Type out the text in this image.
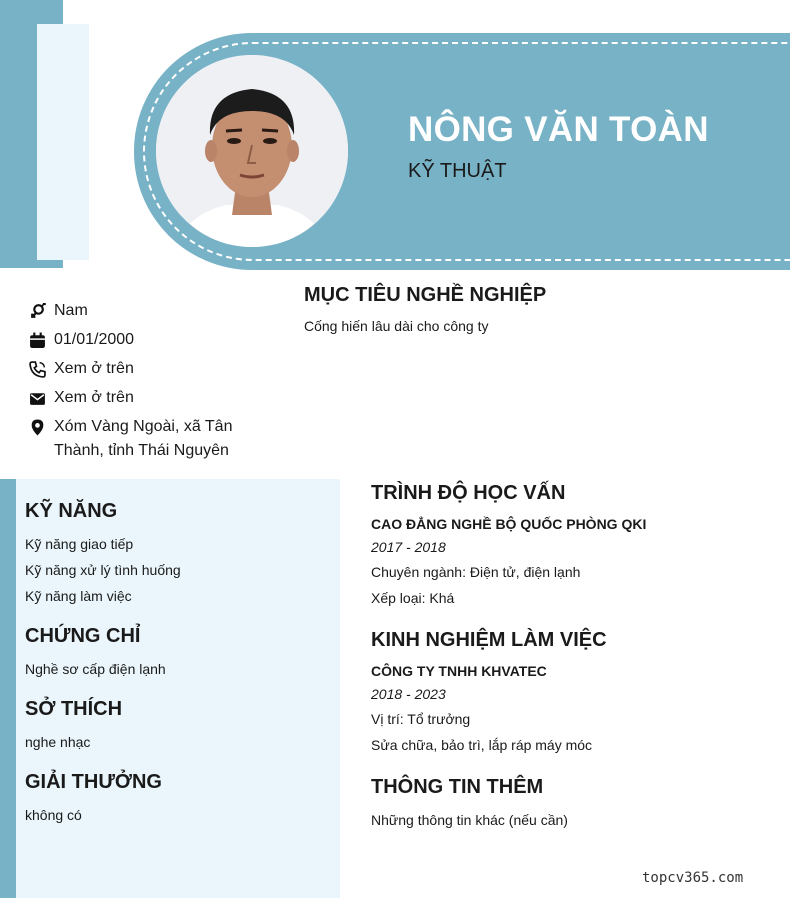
NÔNG VĂN TOÀN
KỸ THUẬT
Nam
01/01/2000
Xem ở trên
Xem ở trên
Xóm Vàng Ngoài, xã Tân
Thành, tỉnh Thái Nguyên
MỤC TIÊU NGHỀ NGHIỆP
Cống hiến lâu dài cho công ty
KỸ NĂNG
Kỹ năng giao tiếp
Kỹ năng xử lý tình huống
Kỹ năng làm việc
CHỨNG CHỈ
Nghề sơ cấp điện lạnh
SỞ THÍCH
nghe nhạc
GIẢI THƯỞNG
không có
TRÌNH ĐỘ HỌC VẤN
CAO ĐẲNG NGHỀ BỘ QUỐC PHÒNG QKI
2017 - 2018
Chuyên ngành: Điện tử, điện lạnh
Xếp loại: Khá
KINH NGHIỆM LÀM VIỆC
CÔNG TY TNHH KHVATEC
2018 - 2023
Vị trí: Tổ trưởng
Sửa chữa, bảo trì, lắp ráp máy móc
THÔNG TIN THÊM
Những thông tin khác (nếu cần)
topcv365.com
